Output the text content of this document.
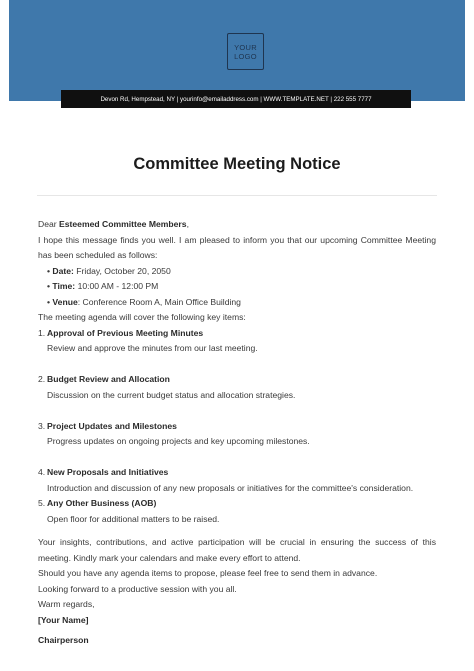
YOUR
LOGO
Devon Rd, Hempstead, NY | yourinfo@emailaddress.com | WWW.TEMPLATE.NET | 222 555 7777
Committee Meeting Notice

Dear Esteemed Committee Members,

I hope this message finds you well. I am pleased to inform you that our upcoming Committee Meeting has been scheduled as follows:

• Date: Friday, October 20, 2050

• Time: 10:00 AM - 12:00 PM

• Venue: Conference Room A, Main Office Building

The meeting agenda will cover the following key items:

1. Approval of Previous Meeting Minutes

Review and approve the minutes from our last meeting.

2. Budget Review and Allocation

Discussion on the current budget status and allocation strategies.

3. Project Updates and Milestones

Progress updates on ongoing projects and key upcoming milestones.

4. New Proposals and Initiatives

Introduction and discussion of any new proposals or initiatives for the committee's consideration.

5. Any Other Business (AOB)

Open floor for additional matters to be raised.

Your insights, contributions, and active participation will be crucial in ensuring the success of this meeting. Kindly mark your calendars and make every effort to attend.

Should you have any agenda items to propose, please feel free to send them in advance.

Looking forward to a productive session with you all.

Warm regards,

[Your Name]

Chairperson
